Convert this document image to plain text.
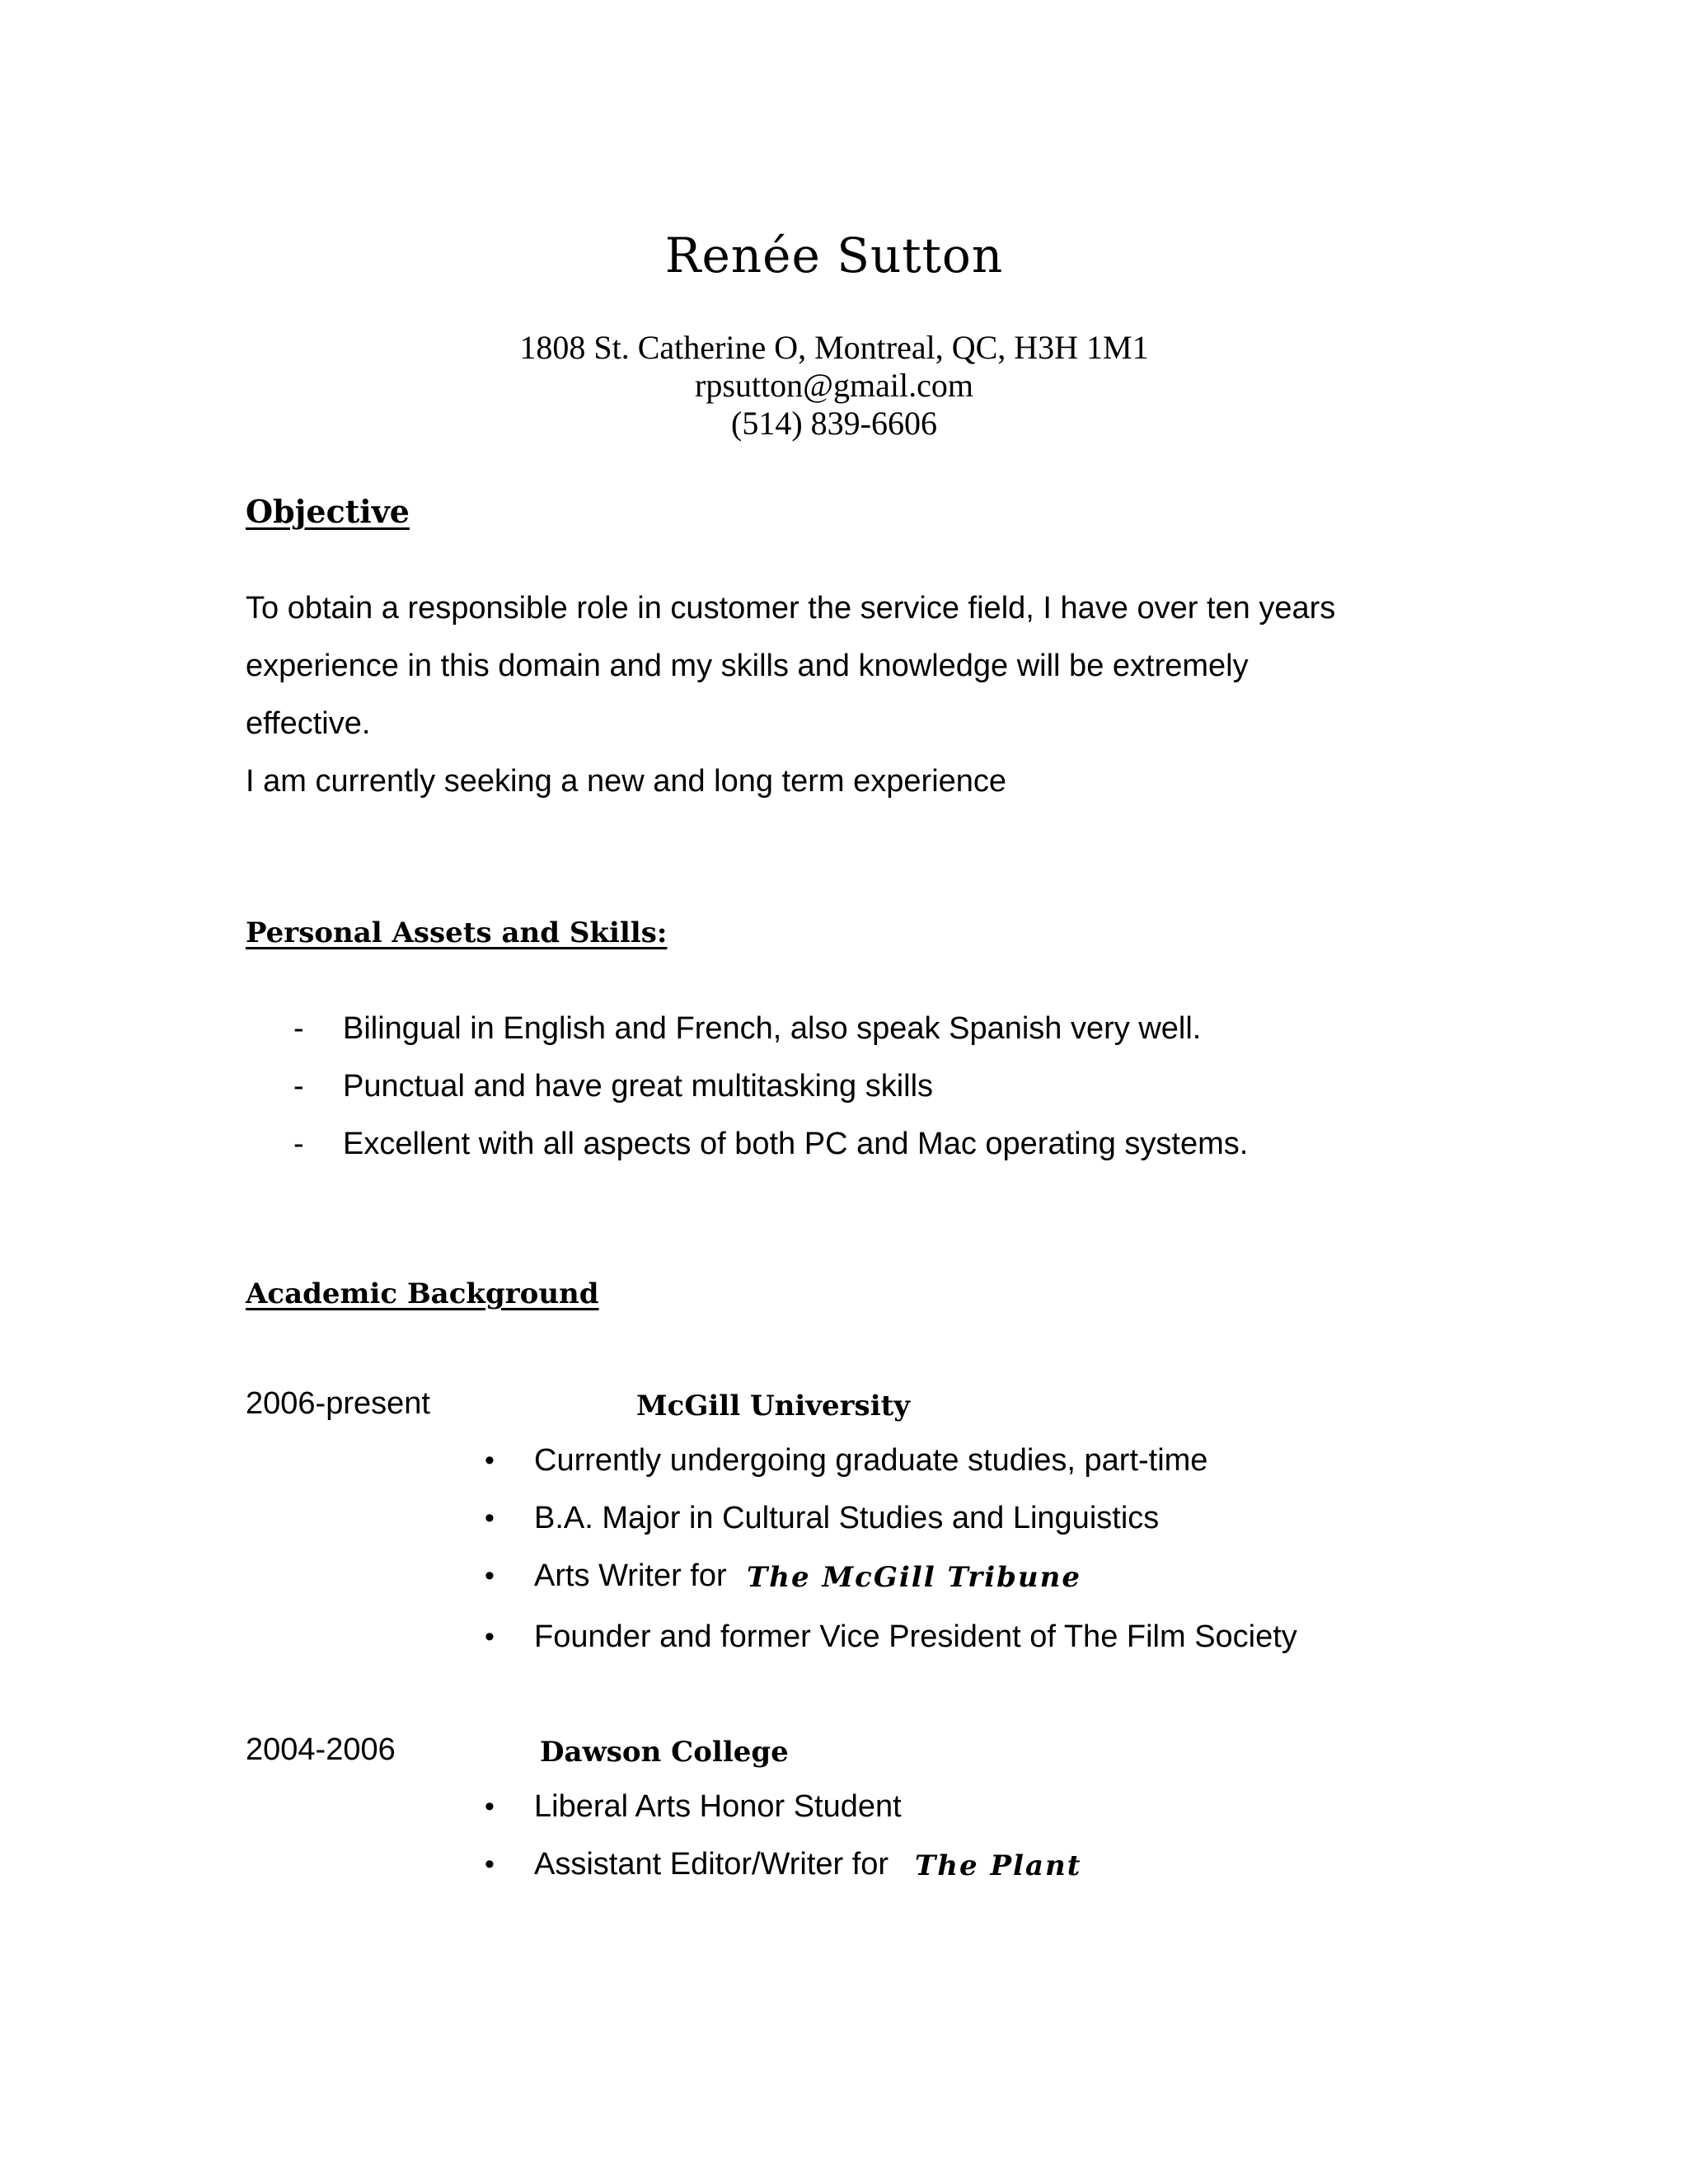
Renée Sutton
1808 St. Catherine O, Montreal, QC, H3H 1M1
rpsutton@gmail.com
(514) 839-6606
Objective
To obtain a responsible role in customer the service field, I have over ten years
experience in this domain and my skills and knowledge will be extremely
effective.
I am currently seeking a new and long term experience
Personal Assets and Skills:
- Bilingual in English and French, also speak Spanish very well.
- Punctual and have great multitasking skills
- Excellent with all aspects of both PC and Mac operating systems.
Academic Background
2006-present	McGill University
• Currently undergoing graduate studies, part-time
• B.A. Major in Cultural Studies and Linguistics
• Arts Writer for The McGill Tribune
• Founder and former Vice President of The Film Society
2004-2006	Dawson College
• Liberal Arts Honor Student
• Assistant Editor/Writer for The Plant
